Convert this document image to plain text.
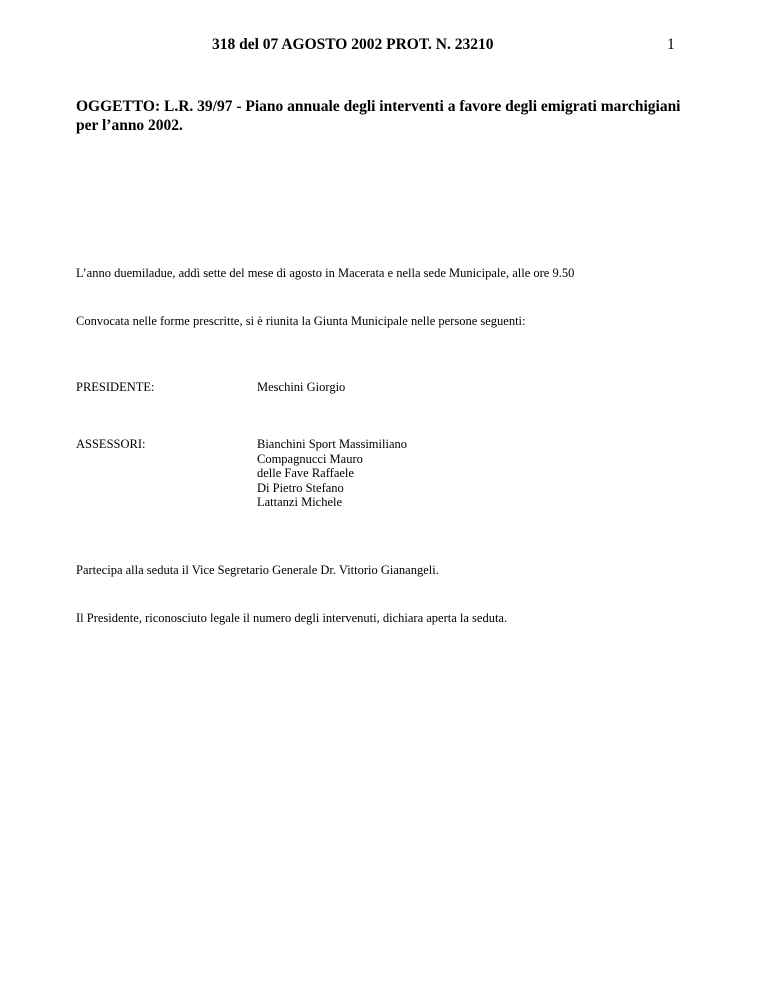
318 del 07 AGOSTO 2002 PROT. N. 23210	1
OGGETTO: L.R. 39/97 - Piano annuale degli interventi a favore degli emigrati marchigiani
per l’anno 2002.
L’anno duemiladue, addì sette del mese di agosto in Macerata e nella sede Municipale, alle ore 9.50
Convocata nelle forme prescritte, si è riunita la Giunta Municipale nelle persone seguenti:
PRESIDENTE:	Meschini Giorgio
ASSESSORI:	Bianchini Sport Massimiliano
Compagnucci Mauro
delle Fave Raffaele
Di Pietro Stefano
Lattanzi Michele
Partecipa alla seduta il Vice Segretario Generale Dr. Vittorio Gianangeli.
Il Presidente, riconosciuto legale il numero degli intervenuti, dichiara aperta la seduta.
